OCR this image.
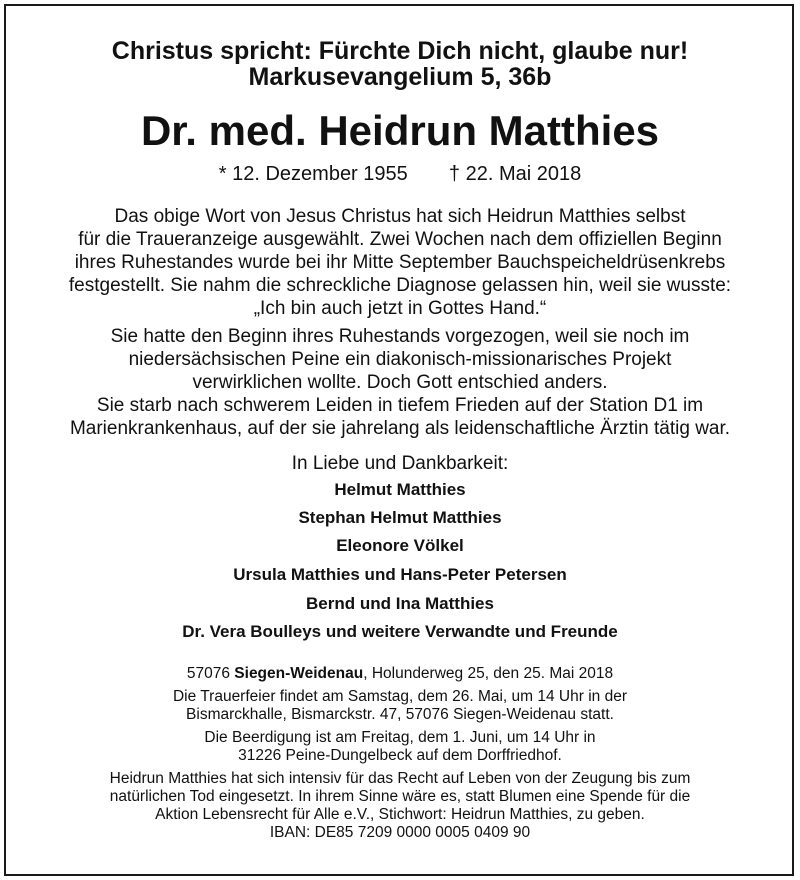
Christus spricht: Fürchte Dich nicht, glaube nur!
Markusevangelium 5, 36b
Dr. med. Heidrun Matthies
* 12. Dezember 1955 † 22. Mai 2018
Das obige Wort von Jesus Christus hat sich Heidrun Matthies selbst
für die Traueranzeige ausgewählt. Zwei Wochen nach dem offiziellen Beginn
ihres Ruhestandes wurde bei ihr Mitte September Bauchspeicheldrüsenkrebs
festgestellt. Sie nahm die schreckliche Diagnose gelassen hin, weil sie wusste:
„Ich bin auch jetzt in Gottes Hand.“
Sie hatte den Beginn ihres Ruhestands vorgezogen, weil sie noch im
niedersächsischen Peine ein diakonisch-missionarisches Projekt
verwirklichen wollte. Doch Gott entschied anders.
Sie starb nach schwerem Leiden in tiefem Frieden auf der Station D1 im
Marienkrankenhaus, auf der sie jahrelang als leidenschaftliche Ärztin tätig war.
In Liebe und Dankbarkeit:
Helmut Matthies
Stephan Helmut Matthies
Eleonore Völkel
Ursula Matthies und Hans-Peter Petersen
Bernd und Ina Matthies
Dr. Vera Boulleys und weitere Verwandte und Freunde
57076 Siegen-Weidenau, Holunderweg 25, den 25. Mai 2018
Die Trauerfeier findet am Samstag, dem 26. Mai, um 14 Uhr in der
Bismarckhalle, Bismarckstr. 47, 57076 Siegen-Weidenau statt.
Die Beerdigung ist am Freitag, dem 1. Juni, um 14 Uhr in
31226 Peine-Dungelbeck auf dem Dorffriedhof.
Heidrun Matthies hat sich intensiv für das Recht auf Leben von der Zeugung bis zum
natürlichen Tod eingesetzt. In ihrem Sinne wäre es, statt Blumen eine Spende für die
Aktion Lebensrecht für Alle e.V., Stichwort: Heidrun Matthies, zu geben.
IBAN: DE85 7209 0000 0005 0409 90
